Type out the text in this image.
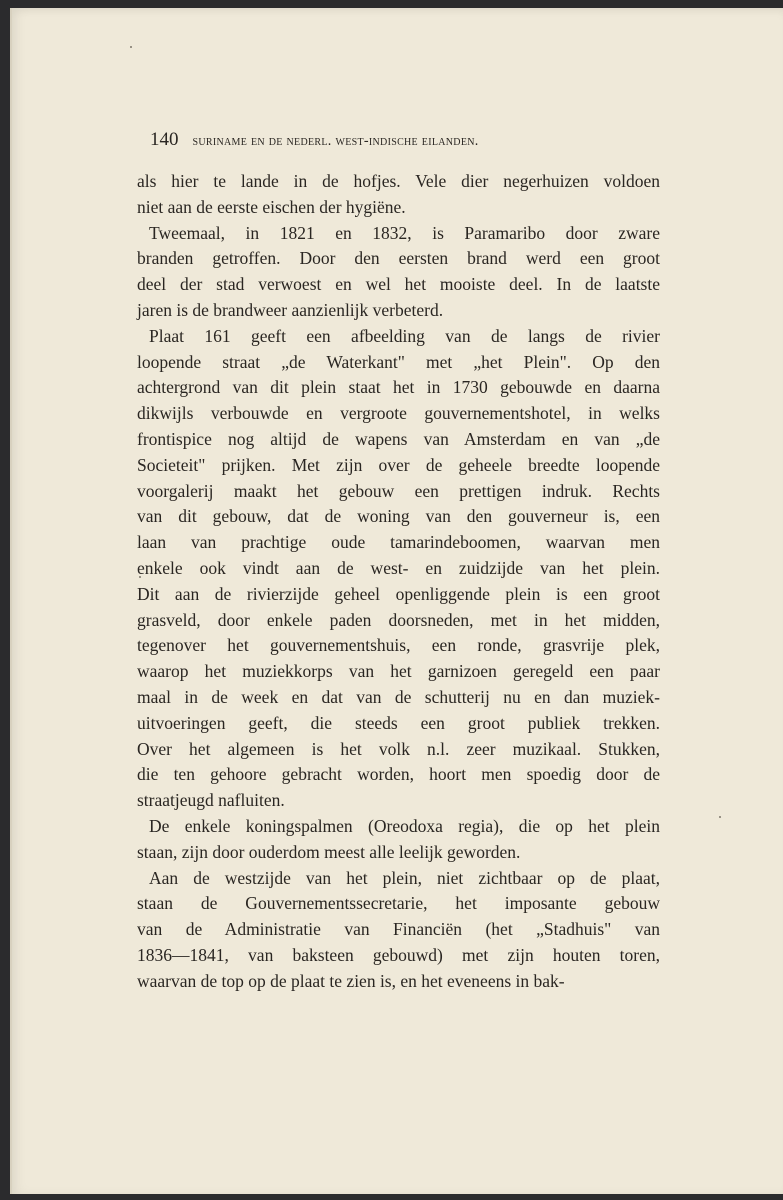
140 suriname en de nederl. west-indische eilanden.
als hier te lande in de hofjes. Vele dier negerhuizen voldoen
niet aan de eerste eischen der hygiëne.
Tweemaal, in 1821 en 1832, is Paramaribo door zware
branden getroffen. Door den eersten brand werd een groot
deel der stad verwoest en wel het mooiste deel. In de laatste
jaren is de brandweer aanzienlijk verbeterd.
Plaat 161 geeft een afbeelding van de langs de rivier
loopende straat „de Waterkant" met „het Plein". Op den
achtergrond van dit plein staat het in 1730 gebouwde en daarna
dikwijls verbouwde en vergroote gouvernementshotel, in welks
frontispice nog altijd de wapens van Amsterdam en van „de
Societeit" prijken. Met zijn over de geheele breedte loopende
voorgalerij maakt het gebouw een prettigen indruk. Rechts
van dit gebouw, dat de woning van den gouverneur is, een
laan van prachtige oude tamarindeboomen, waarvan men
enkele ook vindt aan de west- en zuidzijde van het plein.
Dit aan de rivierzijde geheel openliggende plein is een groot
grasveld, door enkele paden doorsneden, met in het midden,
tegenover het gouvernementshuis, een ronde, grasvrije plek,
waarop het muziekkorps van het garnizoen geregeld een paar
maal in de week en dat van de schutterij nu en dan muziek-
uitvoeringen geeft, die steeds een groot publiek trekken.
Over het algemeen is het volk n.l. zeer muzikaal. Stukken,
die ten gehoore gebracht worden, hoort men spoedig door de
straatjeugd nafluiten.
De enkele koningspalmen (Oreodoxa regia), die op het plein
staan, zijn door ouderdom meest alle leelijk geworden.
Aan de westzijde van het plein, niet zichtbaar op de plaat,
staan de Gouvernementssecretarie, het imposante gebouw
van de Administratie van Financiën (het „Stadhuis" van
1836—1841, van baksteen gebouwd) met zijn houten toren,
waarvan de top op de plaat te zien is, en het eveneens in bak-
